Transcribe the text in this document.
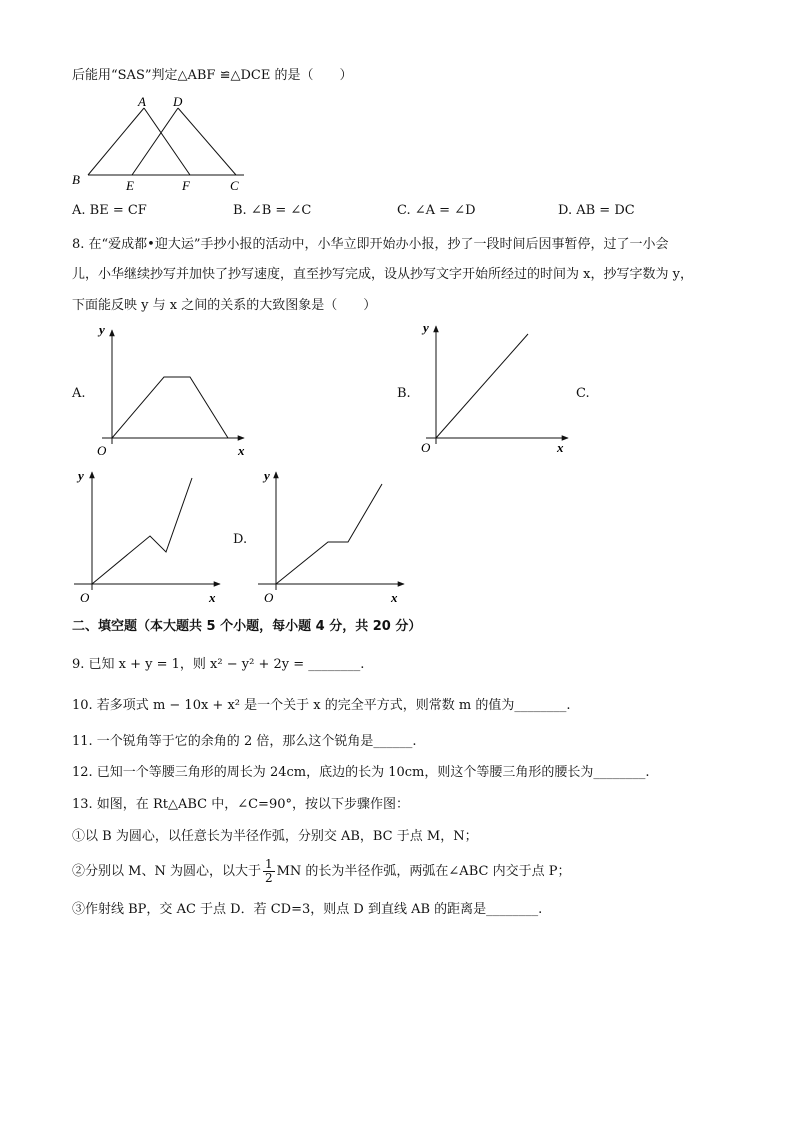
后能用“SAS”判定△ABF ≌△DCE 的是（　　）
A D
B	E	F	C
A. BE = CF	B. ∠B = ∠C	C. ∠A = ∠D	D. AB = DC
8. 在“爱成都•迎大运”手抄小报的活动中，小华立即开始办小报，抄了一段时间后因事暂停，过了一小会
儿，小华继续抄写并加快了抄写速度，直至抄写完成，设从抄写文字开始所经过的时间为 x，抄写字数为 y，
下面能反映 y 与 x 之间的关系的大致图象是（　　）
A.	B.	C.
D.
y
x
O
y
x
O
y
x
O
y
x
O
二、填空题（本大题共 5 个小题，每小题 4 分，共 20 分）
9. 已知 x + y = 1，则 x² − y² + 2y = ________.
10. 若多项式 m − 10x + x² 是一个关于 x 的完全平方式，则常数 m 的值为________.
11. 一个锐角等于它的余角的 2 倍，那么这个锐角是______.
12. 已知一个等腰三角形的周长为 24cm，底边的长为 10cm，则这个等腰三角形的腰长为________.
13. 如图，在 Rt△ABC 中，∠C=90°，按以下步骤作图：
①以 B 为圆心，以任意长为半径作弧，分别交 AB，BC 于点 M，N；
②分别以 M、N 为圆心，以大于 $\frac{1}{2}$ MN 的长为半径作弧，两弧在∠ABC 内交于点 P；
③作射线 BP，交 AC 于点 D．若 CD=3，则点 D 到直线 AB 的距离是________.
